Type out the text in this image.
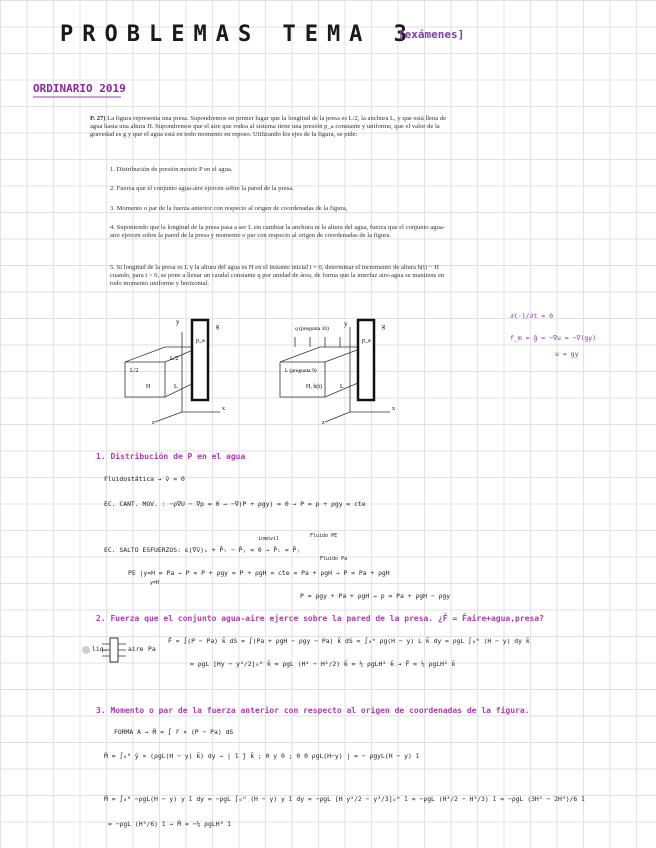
PROBLEMAS TEMA 3
[exámenes]
ORDINARIO 2019
P. 27) La figura representa una presa. Supondremos en primer lugar que la longitud de la presa es L/2, la anchura L, y que está llena de agua hasta una altura H. Supondremos que el aire que rodea al sistema tiene una presión p_a constante y uniforme, que el valor de la gravedad es g y que el agua está en todo momento en reposo. Utilizando los ejes de la figura, se pide:

1. Distribución de presión motriz P en el agua.

2. Fuerza que el conjunto agua-aire ejercen sobre la pared de la presa.

3. Momento o par de la fuerza anterior con respecto al origen de coordenadas de la figura,

4. Suponiendo que la longitud de la presa pasa a ser L sin cambiar la anchura ni la altura del agua, fuerza que el conjunto agua-aire ejercen sobre la pared de la presa y momento o par con respecto al origen de coordenadas de la figura.

5. Si longitud de la presa es L y la altura del agua es H en el instante inicial t = 0, determinar el incremento de altura h(t) − H cuando, para t > 0, se pone a llenar un caudal constante q por unidad de área, de forma que la interfaz aire-agua se mantiene en todo momento uniforme y horizontal.

y
g
p_a
L/2
L/2
H	L
x
z
q (pregunta 10)
y	g
p_a
L (pregunta 9)
H, h(t)	L
x
z
∂(·)/∂t = 0
f_m = ḡ = −∇u = −∇(gy)
u = gy
1. Distribución de P en el agua
Fluidostática → v̄ = 0
EC. CANT. MOV. : −ρ∇U − ∇p = 0 → −∇(P + ρgy) = 0 → P = p + ρgy = cte
inmóvil	Fluido PE
EC. SALTO ESFUERZOS: ε(∇v̄)ₛ + P̄ₗ − P̄ⱼ = 0 → P̄ₗ = P̄ⱼ
Fluido Pa
PE |y=H = Pa → P = P + ρgy = P + ρgH = cte = Pa + ρgH → P = Pa + ρgH
y=H
P = ρgy + Pa + ρgH → p = Pa + ρgH − ρgy
2. Fuerza que el conjunto agua-aire ejerce sobre la pared de la presa. ¿F̄ = F̄aire+agua,presa?
liq.	aire Pa
F̄ = ∫(P − Pa) k̄ dS = ∫(Pa + ρgH − ρgy − Pa) k̄ dS = ∫₀ᴴ ρg(H − y) L k̄ dy = ρgL ∫₀ᴴ (H − y) dy k̄
= ρgL [Hy − y²/2]₀ᴴ k̄ = ρgL (H² − H²/2) k̄ = ½ ρgLH² k̄ → F̄ = ½ ρgLH² k̄
3. Momento o par de la fuerza anterior con respecto al origen de coordenadas de la figura.
FORMA A → M̄ = ∫ r̄ × (P − Pa) dS
M̄ = ∫₀ᴴ ȳ × (ρgL(H − y) k̄) dy → | ī j̄ k̄ ; 0 y 0 ; 0 0 ρgL(H−y) | = − ρgyL(H − y) ī
M̄ = ∫₀ᴴ −ρgL(H − y) y ī dy = −ρgL ∫₀ᴴ (H − y) y ī dy = −ρgL [H y²/2 − y³/3]₀ᴴ ī = −ρgL (H³/2 − H³/3) ī = −ρgL (3H³ − 2H³)/6 ī
= −ρgL (H³/6) ī → M̄ = −⅙ ρgLH³ ī
